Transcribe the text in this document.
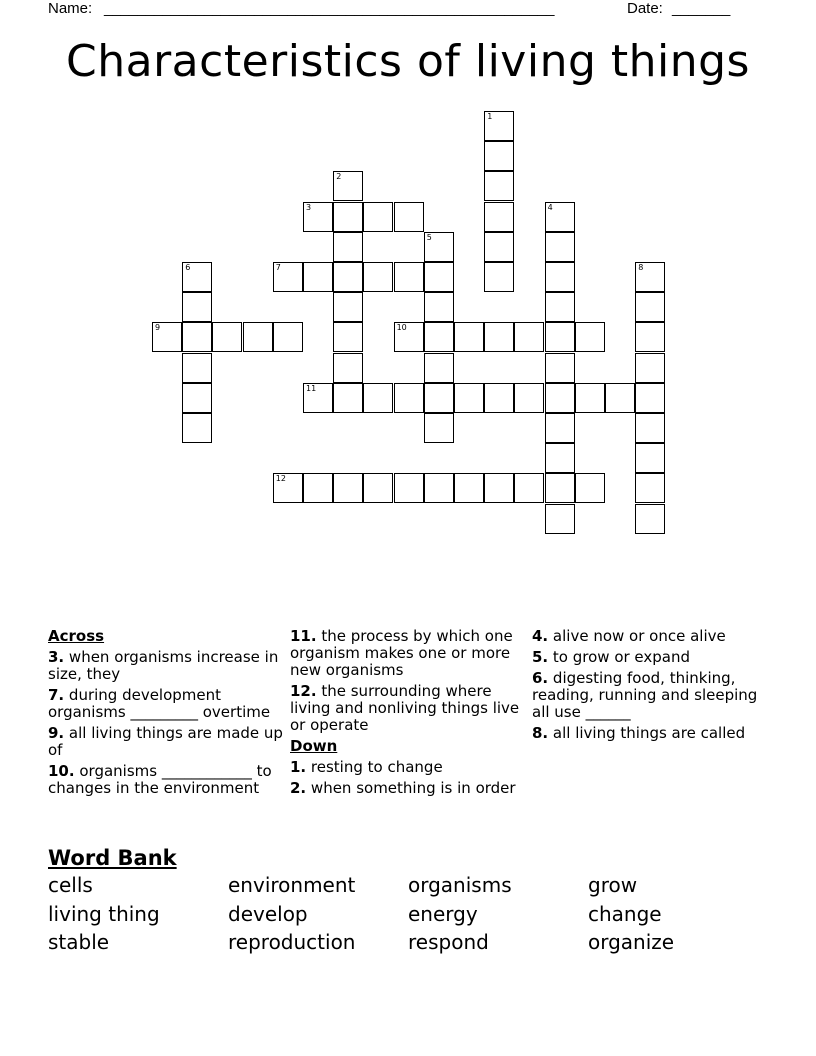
Name: ______________________________________________________	Date: _______
Characteristics of living things
1
2
3	4
5
6	7	8
9	10
11
12
Across
3. when organisms increase in size, they
7. during development organisms _________ overtime
9. all living things are made up of
10. organisms ____________ to changes in the environment
11. the process by which one organism makes one or more new organisms
12. the surrounding where living and nonliving things live or operate
Down
1. resting to change
2. when something is in order
4. alive now or once alive
5. to grow or expand
6. digesting food, thinking, reading, running and sleeping all use ______
8. all living things are called
Word Bank
cells	environment	organisms	grow
living thing	develop	energy	change
stable	reproduction	respond	organize
